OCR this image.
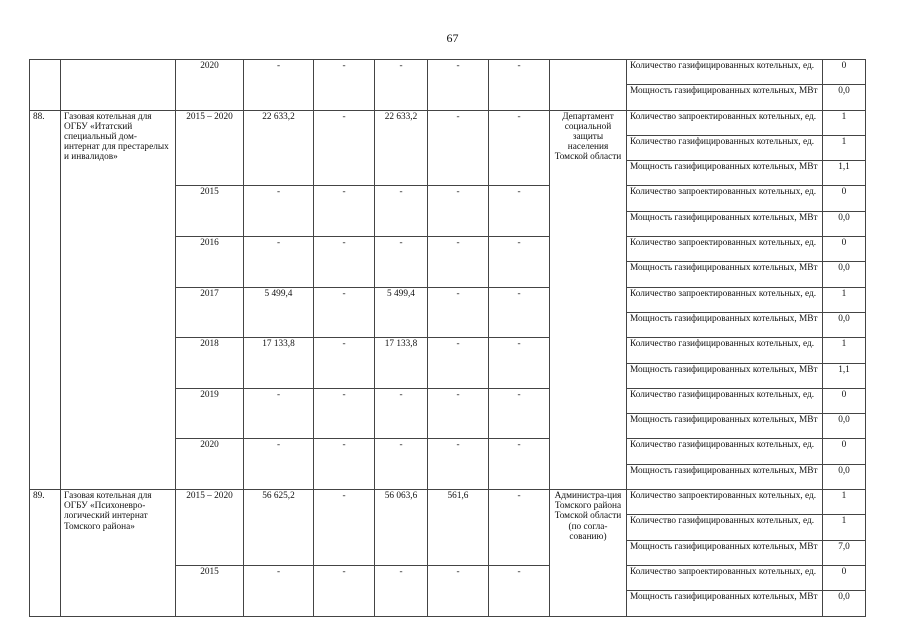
67
		2020	-	-	-	-	-		Количество газифицированных котельных, ед.	0
									Мощность газифицированных котельных, МВт	0,0
88.	Газовая котельная для ОГБУ «Итатский специальный дом-интернат для престарелых и инвалидов»	2015 – 2020	22 633,2	-	22 633,2	-	-	Департамент социальной защиты населения Томской области	Количество запроектированных котельных, ед.	1
									Количество газифицированных котельных, ед.	1
									Мощность газифицированных котельных, МВт	1,1
		2015	-	-	-	-	-		Количество запроектированных котельных, ед.	0
									Мощность газифицированных котельных, МВт	0,0
		2016	-	-	-	-	-		Количество запроектированных котельных, ед.	0
									Мощность газифицированных котельных, МВт	0,0
		2017	5 499,4	-	5 499,4	-	-		Количество запроектированных котельных, ед.	1
									Мощность газифицированных котельных, МВт	0,0
		2018	17 133,8	-	17 133,8	-	-		Количество газифицированных котельных, ед.	1
									Мощность газифицированных котельных, МВт	1,1
		2019	-	-	-	-	-		Количество газифицированных котельных, ед.	0
									Мощность газифицированных котельных, МВт	0,0
		2020	-	-	-	-	-		Количество газифицированных котельных, ед.	0
									Мощность газифицированных котельных, МВт	0,0
89.	Газовая котельная для ОГБУ «Психоневро-логический интернат Томского района»	2015 – 2020	56 625,2	-	56 063,6	561,6	-	Администра-ция Томского района Томской области (по согла-сованию)	Количество запроектированных котельных, ед.	1
									Количество газифицированных котельных, ед.	1
									Мощность газифицированных котельных, МВт	7,0
		2015	-	-	-	-	-		Количество запроектированных котельных, ед.	0
									Мощность газифицированных котельных, МВт	0,0
